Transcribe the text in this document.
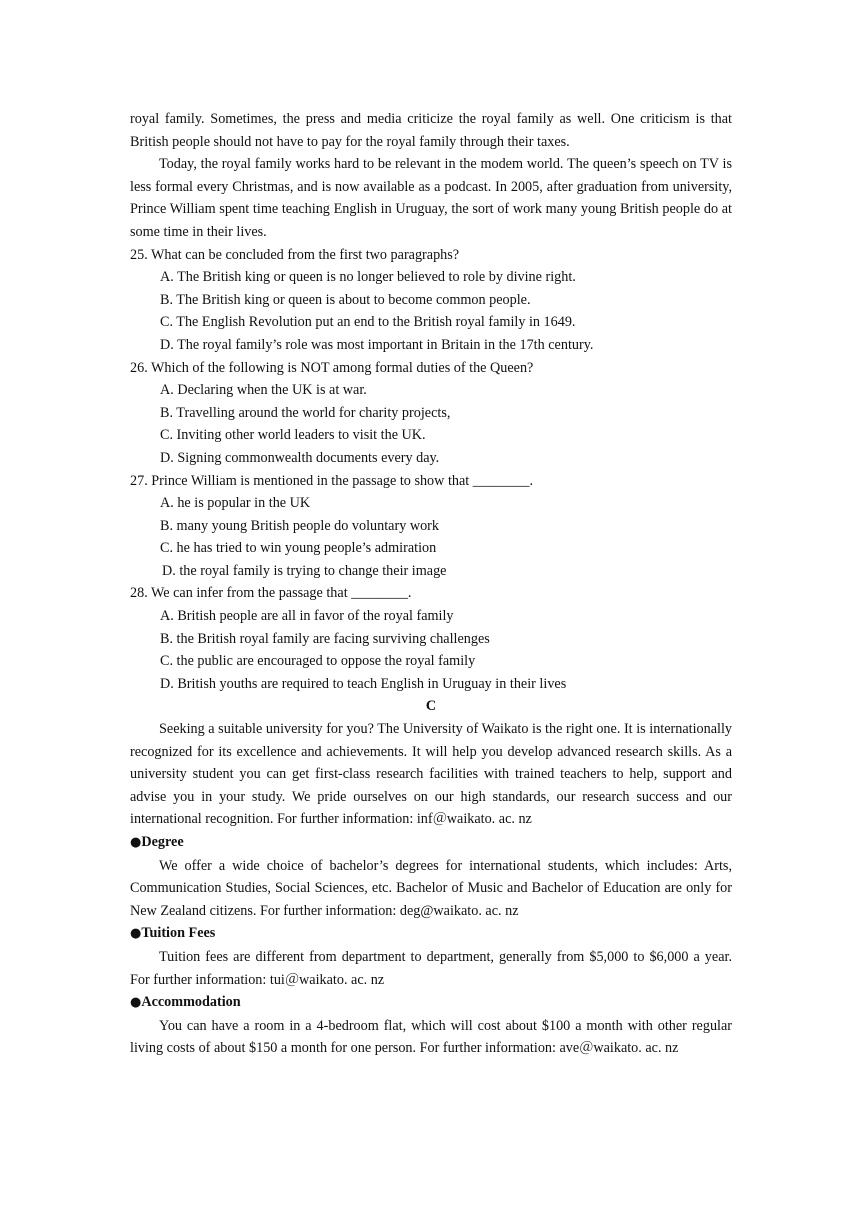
royal family. Sometimes, the press and media criticize the royal family as well. One criticism is that British people should not have to pay for the royal family through their taxes.

Today, the royal family works hard to be relevant in the modem world. The queen’s speech on TV is less formal every Christmas, and is now available as a podcast. In 2005, after graduation from university, Prince William spent time teaching English in Uruguay, the sort of work many young British people do at some time in their lives.

25. What can be concluded from the first two paragraphs?

A. The British king or queen is no longer believed to role by divine right.

B. The British king or queen is about to become common people.

C. The English Revolution put an end to the British royal family in 1649.

D. The royal family’s role was most important in Britain in the 17th century.

26. Which of the following is NOT among formal duties of the Queen?

A. Declaring when the UK is at war.

B. Travelling around the world for charity projects,

C. Inviting other world leaders to visit the UK.

D. Signing commonwealth documents every day.

27. Prince William is mentioned in the passage to show that ________.

A. he is popular in the UK

B. many young British people do voluntary work

C. he has tried to win young people’s admiration

D. the royal family is trying to change their image

28. We can infer from the passage that ________.

A. British people are all in favor of the royal family

B. the British royal family are facing surviving challenges

C. the public are encouraged to oppose the royal family

D. British youths are required to teach English in Uruguay in their lives

C

Seeking a suitable university for you? The University of Waikato is the right one. It is internationally recognized for its excellence and achievements. It will help you develop advanced research skills. As a university student you can get first-class research facilities with trained teachers to help, support and advise you in your study. We pride ourselves on our high standards, our research success and our international recognition. For further information: inf＠waikato. ac. nz

●Degree

We offer a wide choice of bachelor’s degrees for international students, which includes: Arts, Communication Studies, Social Sciences, etc. Bachelor of Music and Bachelor of Education are only for New Zealand citizens. For further information: deg@waikato. ac. nz

●Tuition Fees

Tuition fees are different from department to department, generally from $5,000 to $6,000 a year. For further information: tui＠waikato. ac. nz

●Accommodation

You can have a room in a 4-bedroom flat, which will cost about $100 a month with other regular living costs of about $150 a month for one person. For further information: ave＠waikato. ac. nz
